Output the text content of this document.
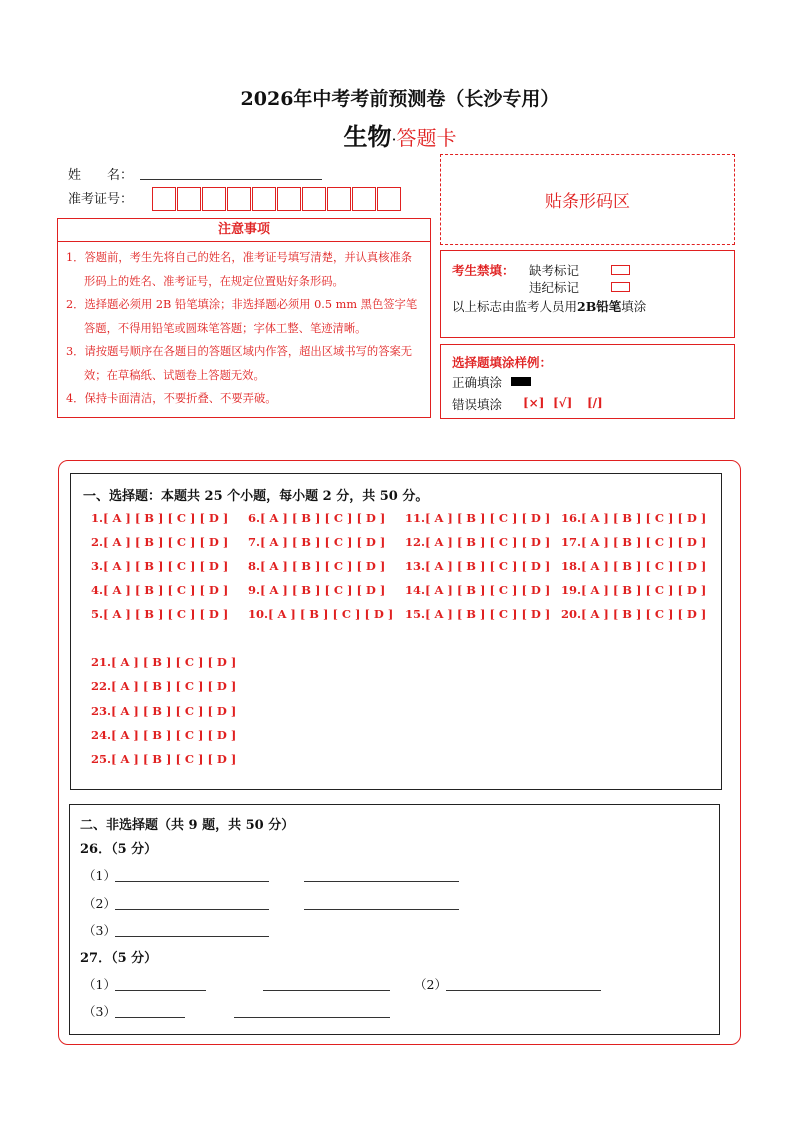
2026年中考考前预测卷（长沙专用）
生物·答题卡
姓　　名：
准考证号：
注意事项
1．答题前，考生先将自己的姓名，准考证号填写清楚，并认真核准条形码上的姓名、准考证号，在规定位置贴好条形码。
2．选择题必须用 2B 铅笔填涂；非选择题必须用 0.5 mm 黑色签字笔答题，不得用铅笔或圆珠笔答题；字体工整、笔迹清晰。
3．请按题号顺序在各题目的答题区域内作答，超出区域书写的答案无效；在草稿纸、试题卷上答题无效。
4．保持卡面清洁，不要折叠、不要弄破。
贴条形码区
考生禁填： 缺考标记
违纪标记
以上标志由监考人员用2B铅笔填涂
选择题填涂样例：
正确填涂
错误填涂 [×] [√] [/]
一、选择题：本题共 25 个小题，每小题 2 分，共 50 分。
1.[ A ] [ B ] [ C ] [ D ]
2.[ A ] [ B ] [ C ] [ D ]
3.[ A ] [ B ] [ C ] [ D ]
4.[ A ] [ B ] [ C ] [ D ]
5.[ A ] [ B ] [ C ] [ D ]
6.[ A ] [ B ] [ C ] [ D ]
7.[ A ] [ B ] [ C ] [ D ]
8.[ A ] [ B ] [ C ] [ D ]
9.[ A ] [ B ] [ C ] [ D ]
10.[ A ] [ B ] [ C ] [ D ]
11.[ A ] [ B ] [ C ] [ D ]
12.[ A ] [ B ] [ C ] [ D ]
13.[ A ] [ B ] [ C ] [ D ]
14.[ A ] [ B ] [ C ] [ D ]
15.[ A ] [ B ] [ C ] [ D ]
16.[ A ] [ B ] [ C ] [ D ]
17.[ A ] [ B ] [ C ] [ D ]
18.[ A ] [ B ] [ C ] [ D ]
19.[ A ] [ B ] [ C ] [ D ]
20.[ A ] [ B ] [ C ] [ D ]
21.[ A ] [ B ] [ C ] [ D ]
22.[ A ] [ B ] [ C ] [ D ]
23.[ A ] [ B ] [ C ] [ D ]
24.[ A ] [ B ] [ C ] [ D ]
25.[ A ] [ B ] [ C ] [ D ]
二、非选择题（共 9 题，共 50 分）
26．（5 分）
（1）
（2）
（3）
27．（5 分）
（1）	（2）
（3）
